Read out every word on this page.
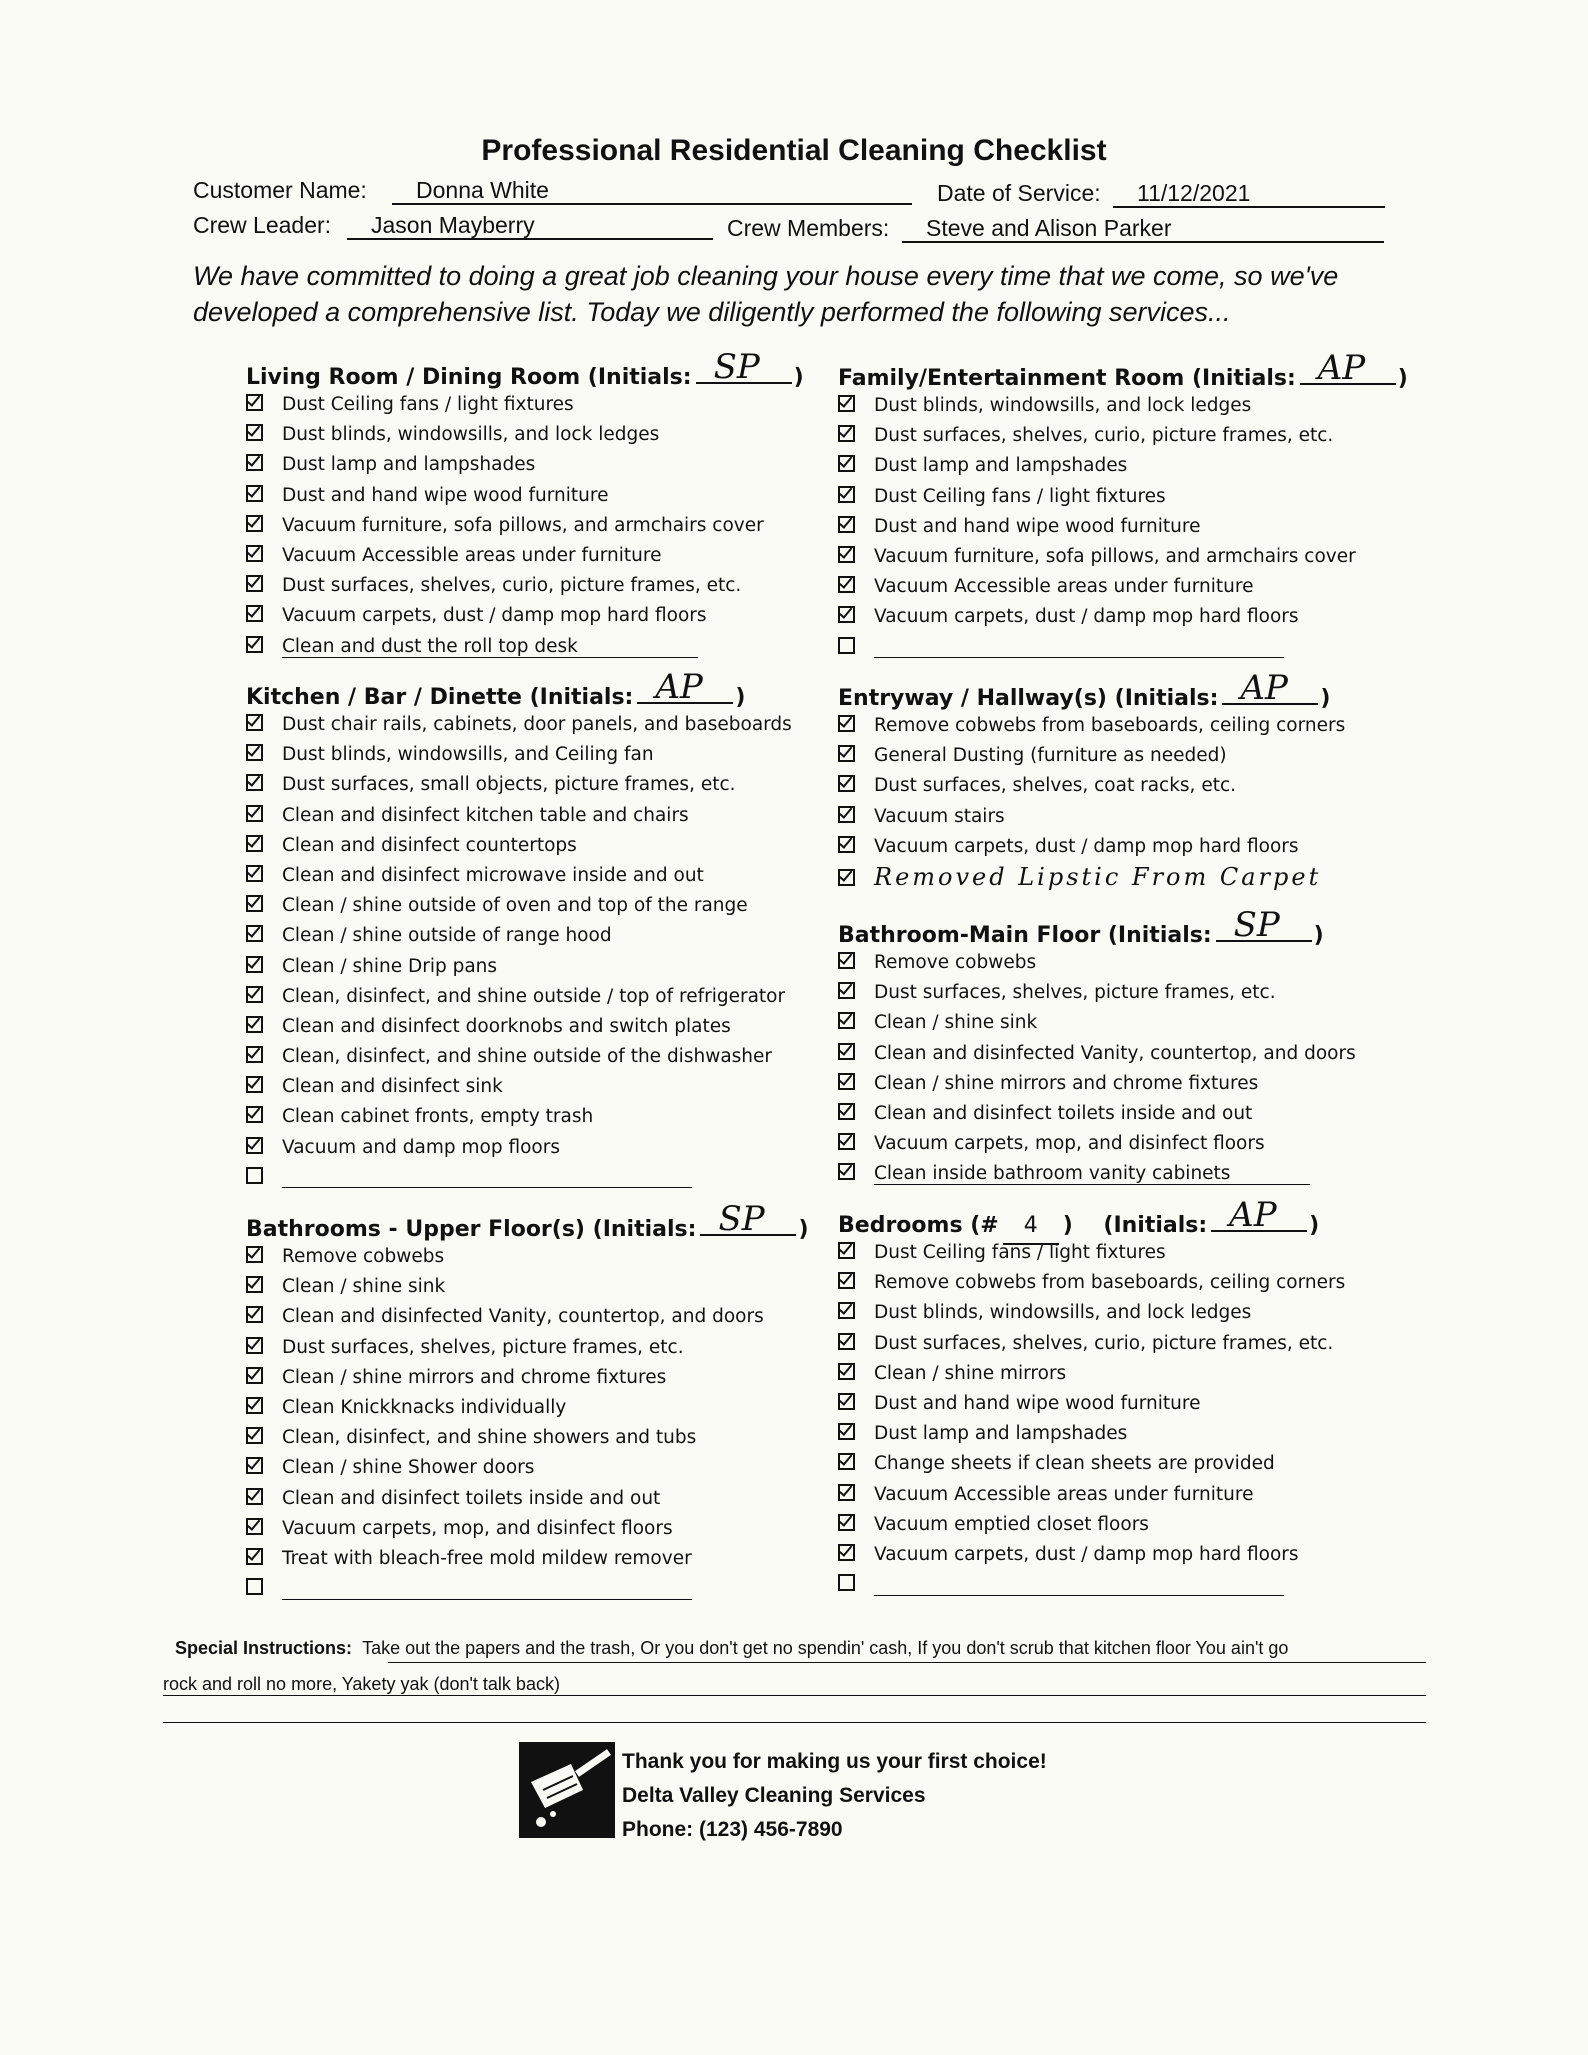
Professional Residential Cleaning Checklist
Customer Name:	Donna White	Date of Service:	11/12/2021
Crew Leader:	Jason Mayberry	Crew Members:	Steve and Alison Parker
We have committed to doing a great job cleaning your house every time that we come, so we've developed a comprehensive list. Today we diligently performed the following services...
Living Room / Dining Room (Initials: SP )
Dust Ceiling fans / light fixtures
Dust blinds, windowsills, and lock ledges
Dust lamp and lampshades
Dust and hand wipe wood furniture
Vacuum furniture, sofa pillows, and armchairs cover
Vacuum Accessible areas under furniture
Dust surfaces, shelves, curio, picture frames, etc.
Vacuum carpets, dust / damp mop hard floors
Clean and dust the roll top desk
Kitchen / Bar / Dinette (Initials: AP )
Dust chair rails, cabinets, door panels, and baseboards
Dust blinds, windowsills, and Ceiling fan
Dust surfaces, small objects, picture frames, etc.
Clean and disinfect kitchen table and chairs
Clean and disinfect countertops
Clean and disinfect microwave inside and out
Clean / shine outside of oven and top of the range
Clean / shine outside of range hood
Clean / shine Drip pans
Clean, disinfect, and shine outside / top of refrigerator
Clean and disinfect doorknobs and switch plates
Clean, disinfect, and shine outside of the dishwasher
Clean and disinfect sink
Clean cabinet fronts, empty trash
Vacuum and damp mop floors
Bathrooms - Upper Floor(s) (Initials: SP )
Remove cobwebs
Clean / shine sink
Clean and disinfected Vanity, countertop, and doors
Dust surfaces, shelves, picture frames, etc.
Clean / shine mirrors and chrome fixtures
Clean Knickknacks individually
Clean, disinfect, and shine showers and tubs
Clean / shine Shower doors
Clean and disinfect toilets inside and out
Vacuum carpets, mop, and disinfect floors
Treat with bleach-free mold mildew remover
Family/Entertainment Room (Initials: AP )
Dust blinds, windowsills, and lock ledges
Dust surfaces, shelves, curio, picture frames, etc.
Dust lamp and lampshades
Dust Ceiling fans / light fixtures
Dust and hand wipe wood furniture
Vacuum furniture, sofa pillows, and armchairs cover
Vacuum Accessible areas under furniture
Vacuum carpets, dust / damp mop hard floors
Entryway / Hallway(s) (Initials: AP )
Remove cobwebs from baseboards, ceiling corners
General Dusting (furniture as needed)
Dust surfaces, shelves, coat racks, etc.
Vacuum stairs
Vacuum carpets, dust / damp mop hard floors
Removed Lipstic From Carpet
Bathroom-Main Floor (Initials: SP )
Remove cobwebs
Dust surfaces, shelves, picture frames, etc.
Clean / shine sink
Clean and disinfected Vanity, countertop, and doors
Clean / shine mirrors and chrome fixtures
Clean and disinfect toilets inside and out
Vacuum carpets, mop, and disinfect floors
Clean inside bathroom vanity cabinets
Bedrooms (# 4 )    (Initials: AP )
Dust Ceiling fans / light fixtures
Remove cobwebs from baseboards, ceiling corners
Dust blinds, windowsills, and lock ledges
Dust surfaces, shelves, curio, picture frames, etc.
Clean / shine mirrors
Dust and hand wipe wood furniture
Dust lamp and lampshades
Change sheets if clean sheets are provided
Vacuum Accessible areas under furniture
Vacuum emptied closet floors
Vacuum carpets, dust / damp mop hard floors
Special Instructions: Take out the papers and the trash, Or you don't get no spendin' cash, If you don't scrub that kitchen floor You ain't go
rock and roll no more, Yakety yak (don't talk back)
Thank you for making us your first choice!
Delta Valley Cleaning Services
Phone: (123) 456-7890
